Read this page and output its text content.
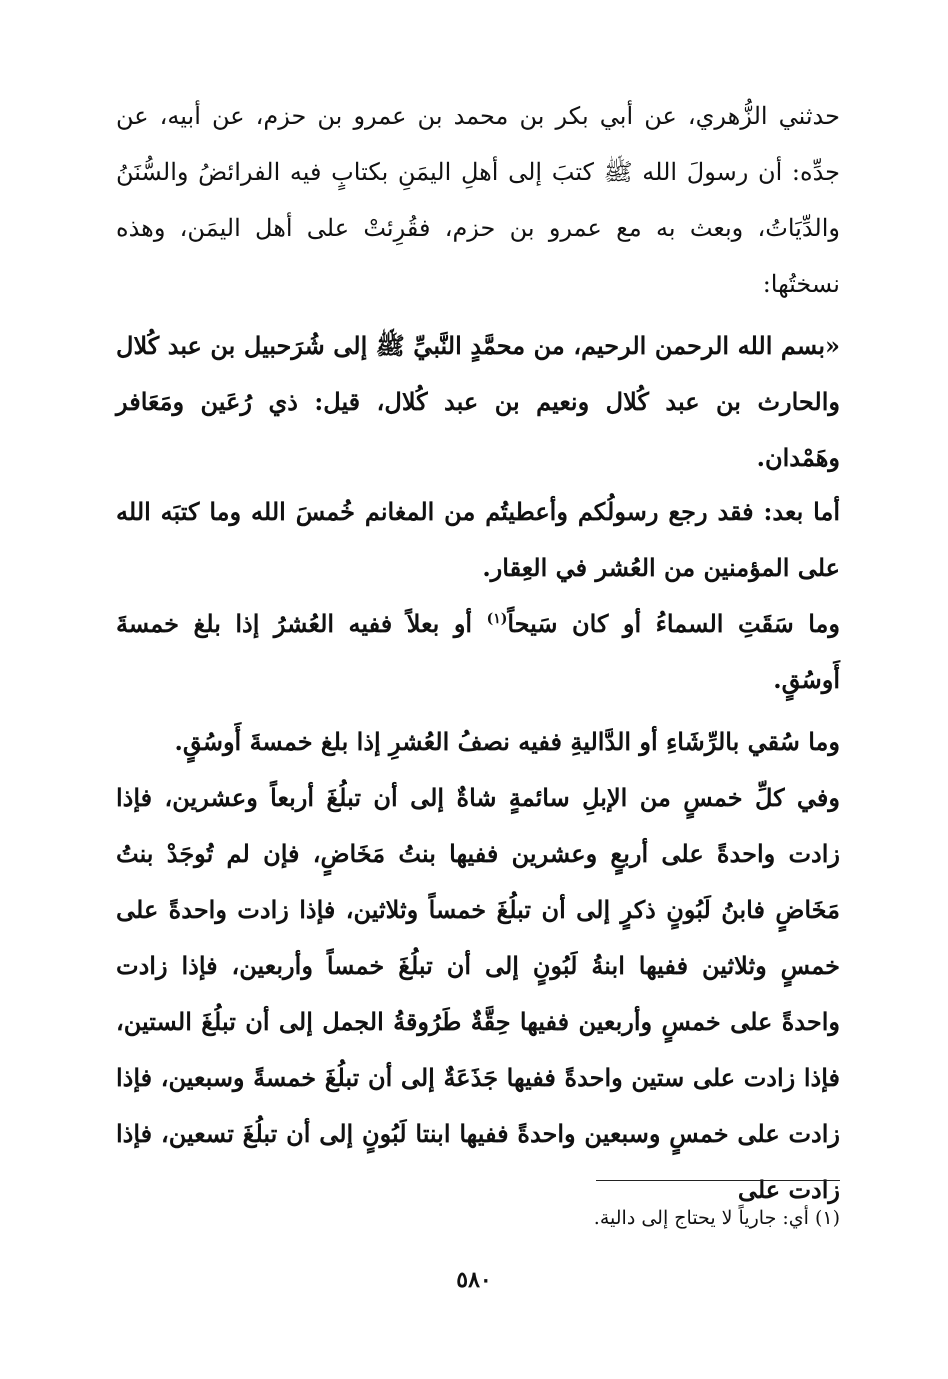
حدثني الزُّهري، عن أبي بكر بن محمد بن عمرو بن حزم، عن أبيه، عن جدِّه: أن رسولَ الله ﷺ كتبَ إلى أهلِ اليمَنِ بكتابٍ فيه الفرائضُ والسُّنَنُ والدِّيَاتُ، وبعث به مع عمرو بن حزم، فقُرِئتْ على أهل اليمَن، وهذه نسختُها:

«بسم الله الرحمن الرحيم، من محمَّدٍ النَّبيِّ ﷺ إلى شُرَحبيل بن عبد كُلال والحارث بن عبد كُلال ونعيم بن عبد كُلال، قيل: ذي رُعَين ومَعَافر وهَمْدان.

أما بعد: فقد رجع رسولُكم وأعطيتُم من المغانم خُمسَ الله وما كتبَه الله على المؤمنين من العُشر في العِقار.

وما سَقَتِ السماءُ أو كان سَيحاً$^{(١)}$ أو بعلاً ففيه العُشرُ إذا بلغ خمسةَ أَوسُقٍ.

وما سُقي بالرِّشَاءِ أو الدَّاليةِ ففيه نصفُ العُشرِ إذا بلغ خمسةَ أَوسُقٍ.

وفي كلِّ خمسٍ من الإبلِ سائمةٍ شاةٌ إلى أن تبلُغَ أربعاً وعشرين، فإذا زادت واحدةً على أربعٍ وعشرين ففيها بنتُ مَخَاضٍ، فإن لم تُوجَدْ بنتُ مَخَاضٍ فابنُ لَبُونٍ ذكرٍ إلى أن تبلُغَ خمساً وثلاثين، فإذا زادت واحدةً على خمسٍ وثلاثين ففيها ابنةُ لَبُونٍ إلى أن تبلُغَ خمساً وأربعين، فإذا زادت واحدةً على خمسٍ وأربعين ففيها حِقَّةٌ طَرُوقةُ الجمل إلى أن تبلُغَ الستين، فإذا زادت على ستين واحدةً ففيها جَذَعَةٌ إلى أن تبلُغَ خمسةً وسبعين، فإذا زادت على خمسٍ وسبعين واحدةً ففيها ابنتا لَبُونٍ إلى أن تبلُغَ تسعين، فإذا زادت على

(١) أي: جارياً لا يحتاج إلى دالية.
٥٨٠
